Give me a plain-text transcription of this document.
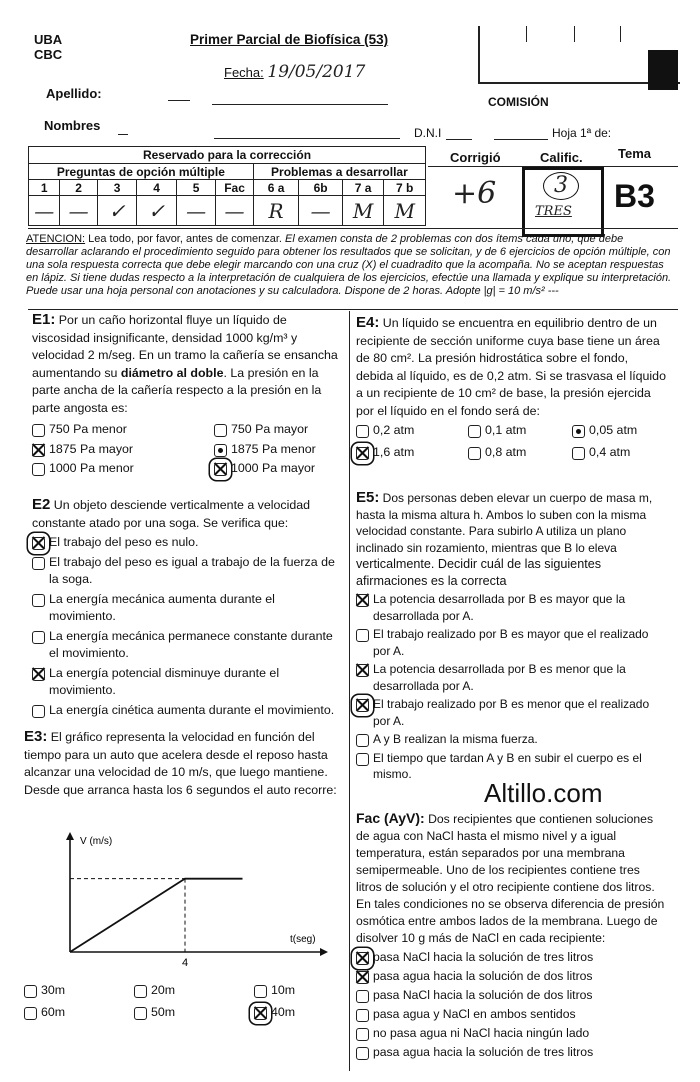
UBA
CBC
Primer Parcial de Biofísica (53)
Fecha: 19/05/2017
Apellido:
COMISIÓN
Nombres	D.N.I	Hoja 1ª de:
Reservado para la corrección									
Preguntas de opción múltiple						Problemas a desarrollar			
1	2	3	4	5	Fac	6 a	6b	7 a	7 b
—	—	✓	✓	—	—	R	—	M	M
Corrigió
+6
Calific.
3
TRES
Tema
B3
ATENCION: Lea todo, por favor, antes de comenzar. El examen consta de 2 problemas con dos ítems cada uno, que debe desarrollar aclarando el procedimiento seguido para obtener los resultados que se solicitan, y de 6 ejercicios de opción múltiple, con una sola respuesta correcta que debe elegir marcando con una cruz (X) el cuadradito que la acompaña. No se aceptan respuestas en lápiz. Si tiene dudas respecto a la interpretación de cualquiera de los ejercicios, efectúe una llamada y explique su interpretación. Puede usar una hoja personal con anotaciones y su calculadora. Dispone de 2 horas. Adopte |g| = 10 m/s² ---
E1: Por un caño horizontal fluye un líquido de viscosidad insignificante, densidad 1000 kg/m³ y velocidad 2 m/seg. En un tramo la cañería se ensancha aumentando su diámetro al doble. La presión en la parte ancha de la cañería respecto a la presión en la parte angosta es:
750 Pa menor	750 Pa mayor
1875 Pa mayor	1875 Pa menor
1000 Pa menor	1000 Pa mayor
E2 Un objeto desciende verticalmente a velocidad constante atado por una soga. Se verifica que:
El trabajo del peso es nulo.
El trabajo del peso es igual a trabajo de la fuerza de la soga.
La energía mecánica aumenta durante el movimiento.
La energía mecánica permanece constante durante el movimiento.
La energía potencial disminuye durante el movimiento.
La energía cinética aumenta durante el movimiento.
E3: El gráfico representa la velocidad en función del tiempo para un auto que acelera desde el reposo hasta alcanzar una velocidad de 10 m/s, que luego mantiene. Desde que arranca hasta los 6 segundos el auto recorre:
V (m/s)
t(seg)
4
30m	20m	10m
60m	50m	40m
E4: Un líquido se encuentra en equilibrio dentro de un recipiente de sección uniforme cuya base tiene un área de 80 cm². La presión hidrostática sobre el fondo, debida al líquido, es de 0,2 atm. Si se trasvasa el líquido a un recipiente de 10 cm² de base, la presión ejercida por el líquido en el fondo será de:
0,2 atm	0,1 atm	0,05 atm
1,6 atm	0,8 atm	0,4 atm
E5: Dos personas deben elevar un cuerpo de masa m, hasta la misma altura h. Ambos lo suben con la misma velocidad constante. Para subirlo A utiliza un plano inclinado sin rozamiento, mientras que B lo eleva verticalmente. Decidir cuál de las siguientes afirmaciones es la correcta
La potencia desarrollada por B es mayor que la desarrollada por A.
El trabajo realizado por B es mayor que el realizado por A.
La potencia desarrollada por B es menor que la desarrollada por A.
El trabajo realizado por B es menor que el realizado por A.
A y B realizan la misma fuerza.
El tiempo que tardan A y B en subir el cuerpo es el mismo.
Altillo.com
Fac (AyV): Dos recipientes que contienen soluciones de agua con NaCl hasta el mismo nivel y a igual temperatura, están separados por una membrana semipermeable. Uno de los recipientes contiene tres litros de solución y el otro recipiente contiene dos litros. En tales condiciones no se observa diferencia de presión osmótica entre ambos lados de la membrana. Luego de disolver 10 g más de NaCl en cada recipiente:
pasa NaCl hacia la solución de tres litros
pasa agua hacia la solución de dos litros
pasa NaCl hacia la solución de dos litros
pasa agua y NaCl en ambos sentidos
no pasa agua ni NaCl hacia ningún lado
pasa agua hacia la solución de tres litros
